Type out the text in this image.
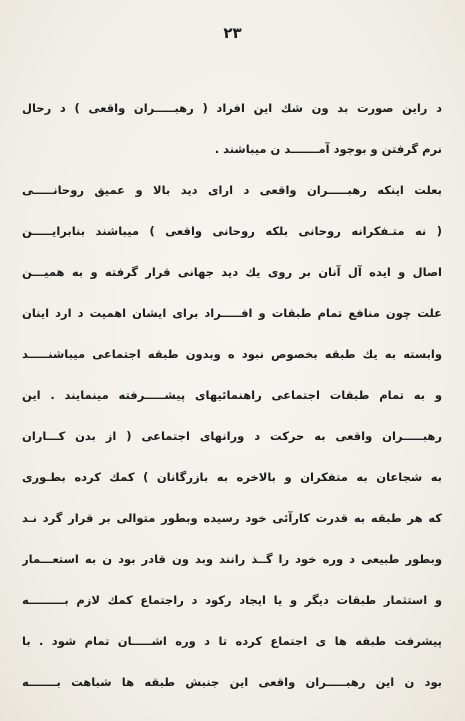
۲۳
د راین صورت بد ون شك این افراد ( رهبـــــران واقعی ) د رحال
نرم گرفتن و بوجود آمـــــــد ن میباشند .
بعلت اینکه رهبـــــران واقعی د ارای دید بالا و عمیق روحانـــــی
( نه متـفکرانه روحانی بلکه روحانی واقعی ) میباشند بنابرایـــــن
اصال و ایده آل آنان بر روی یك دید جهانی قرار گرفته و به همیـــن
علت چون منافع تمام طبقات و افـــــراد برای ایشان اهمیت د ارد اینان
وابسته به یك طبقه بخصوص نبود ه وبدون طبقه اجتماعی میباشنـــــد
و به تمام طبقات اجتماعی راهنمائیهای پیشـــــرفته مینمایند . این
رهبـــــران واقعی به حرکت د ورانهای اجتماعی ( از بدن کـــاران
به شجاعان به متفکران و بالاخره به بازرگانان ) کمك کرده بطـوری
که هر طبقه به قدرت کارآئی خود رسیده وبطور متوالی بر قرار گرد نـد
وبطور طبیعی د وره خود را گــذ رانند وبد ون قادر بود ن به استعـــمار
و استثمار طبقات دیگر و یا ایجاد رکود د راجتماع کمك لازم بـــــــــه
پیشرفت طبقه ها ی اجتماع کرده تا د وره اشـــــان تمام شود . با
بود ن این رهبـــــران واقعی این جنبش طبقه ها شباهت بـــــــه
